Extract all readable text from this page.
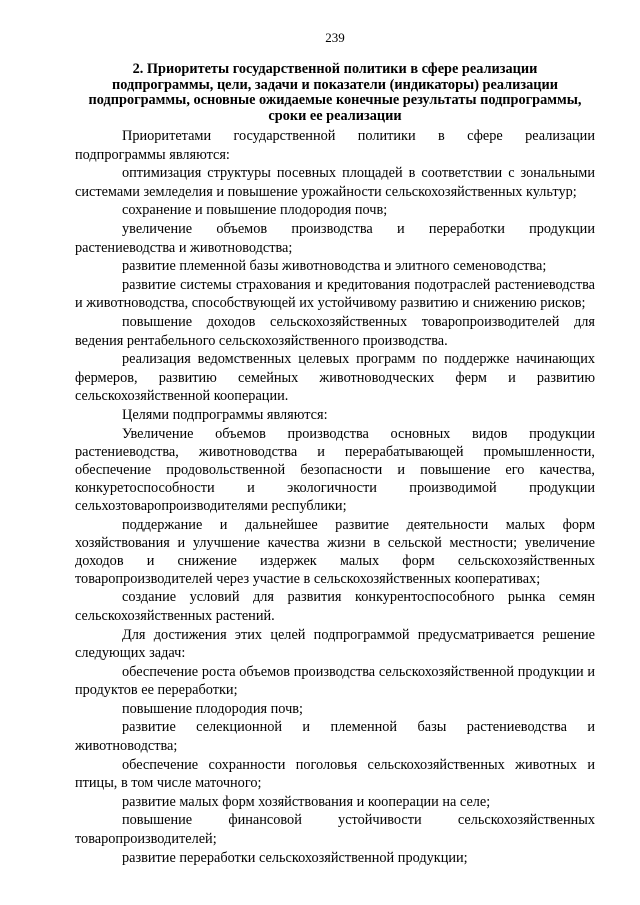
239
2. Приоритеты государственной политики в сфере реализации подпрограммы, цели, задачи и показатели (индикаторы) реализации подпрограммы, основные ожидаемые конечные результаты подпрограммы, сроки ее реализации

Приоритетами государственной политики в сфере реализации подпрограммы являются:

оптимизация структуры посевных площадей в соответствии с зональными системами земледелия и повышение урожайности сельскохозяйственных культур;

сохранение и повышение плодородия почв;

увеличение объемов производства и переработки продукции растениеводства и животноводства;

развитие племенной базы животноводства и элитного семеноводства;

развитие системы страхования и кредитования подотраслей растениеводства и животноводства, способствующей их устойчивому развитию и снижению рисков;

повышение доходов сельскохозяйственных товаропроизводителей для ведения рентабельного сельскохозяйственного производства.

реализация ведомственных целевых программ по поддержке начинающих фермеров, развитию семейных животноводческих ферм и развитию сельскохозяйственной кооперации.

Целями подпрограммы являются:

Увеличение объемов производства основных видов продукции растениеводства, животноводства и перерабатывающей промышленности, обеспечение продовольственной безопасности и повышение его качества, конкуретоспособности и экологичности производимой продукции сельхозтоваропроизводителями республики;

поддержание и дальнейшее развитие деятельности малых форм хозяйствования и улучшение качества жизни в сельской местности; увеличение доходов и снижение издержек малых форм сельскохозяйственных товаропроизводителей через участие в сельскохозяйственных кооперативах;

создание условий для развития конкурентоспособного рынка семян сельскохозяйственных растений.

Для достижения этих целей подпрограммой предусматривается решение следующих задач:

обеспечение роста объемов производства сельскохозяйственной продукции и продуктов ее переработки;

повышение плодородия почв;

развитие селекционной и племенной базы растениеводства и животноводства;

обеспечение сохранности поголовья сельскохозяйственных животных и птицы, в том числе маточного;

развитие малых форм хозяйствования и кооперации на селе;

повышение финансовой устойчивости сельскохозяйственных товаропроизводителей;

развитие переработки сельскохозяйственной продукции;
